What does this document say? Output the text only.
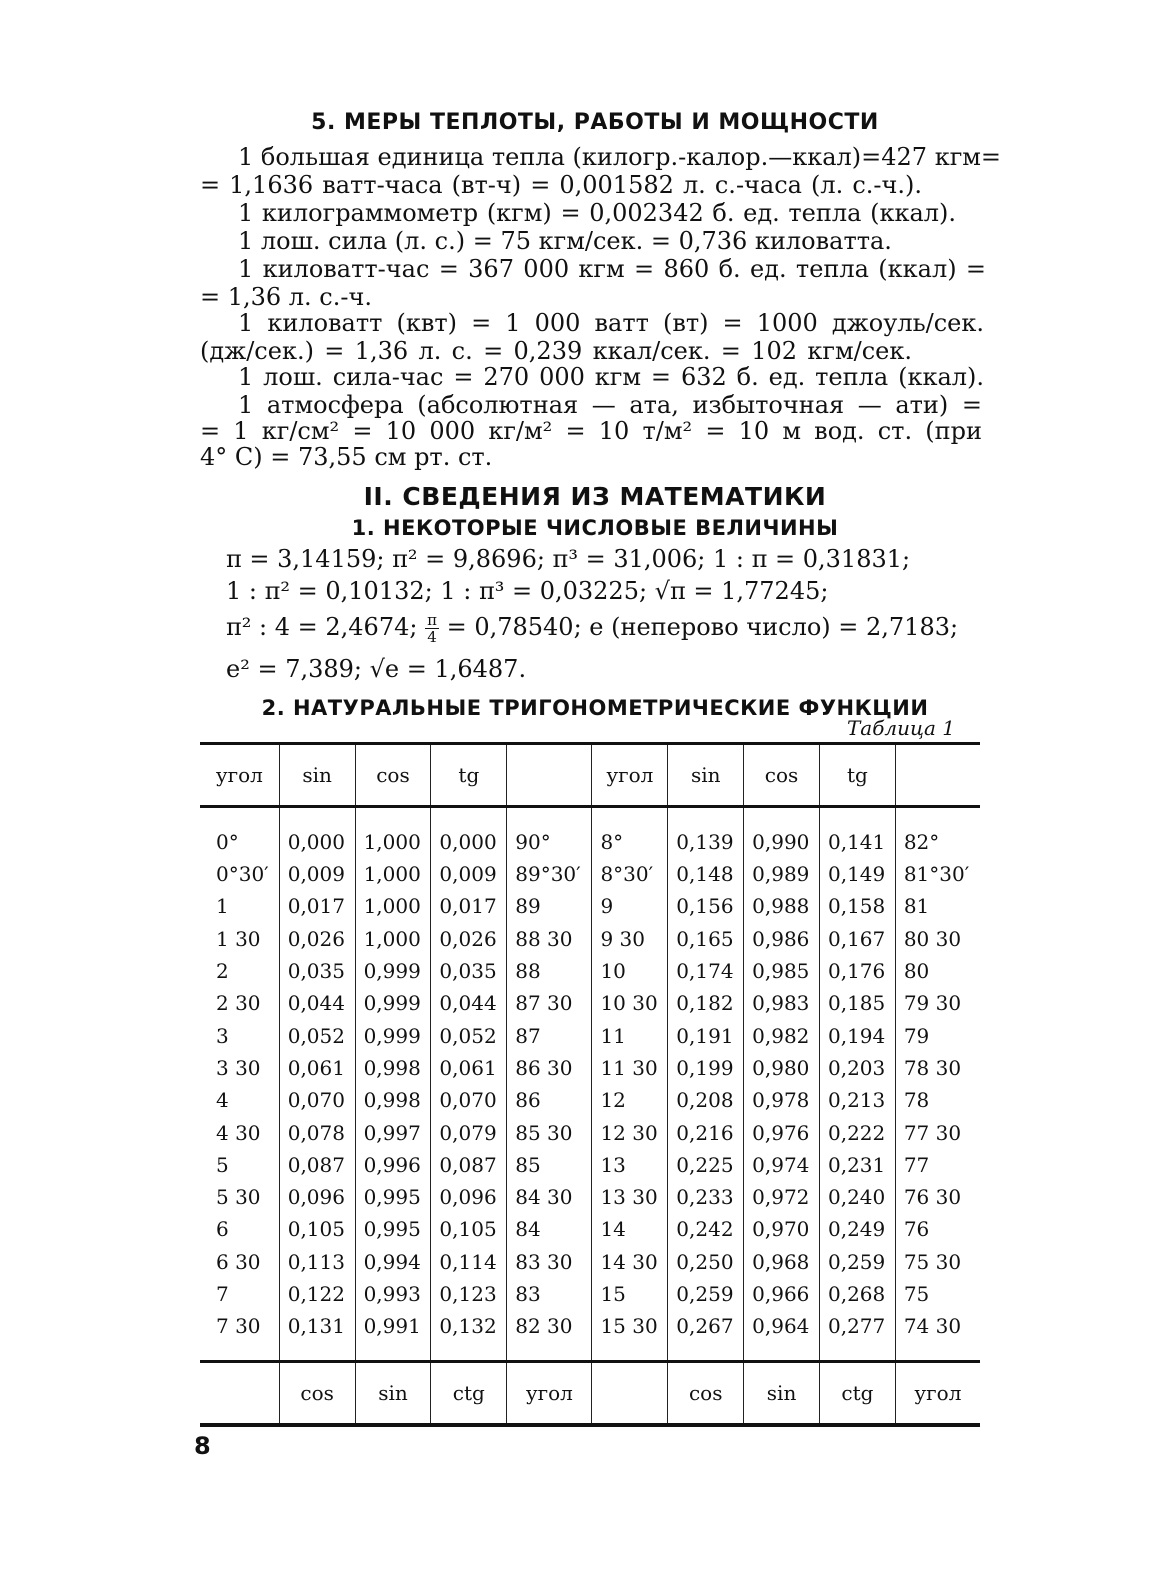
5. МЕРЫ ТЕПЛОТЫ, РАБОТЫ И МОЩНОСТИ
1 большая единица тепла (килогр.-калор.—ккал)=427 кгм=
= 1,1636 ватт-часа (вт-ч) = 0,001582 л. с.-часа (л. с.-ч.).
1 килограммометр (кгм) = 0,002342 б. ед. тепла (ккал).
1 лош. сила (л. с.) = 75 кгм/сек. = 0,736 киловатта.
1 киловатт-час = 367 000 кгм = 860 б. ед. тепла (ккал) =
= 1,36 л. с.-ч.
1 киловатт (квт) = 1 000 ватт (вт) = 1000 джоуль/сек.
(дж/сек.) = 1,36 л. с. = 0,239 ккал/сек. = 102 кгм/сек.
1 лош. сила-час = 270 000 кгм = 632 б. ед. тепла (ккал).
1 атмосфера (абсолютная — ата, избыточная — ати) =
= 1 кг/см² = 10 000 кг/м² = 10 т/м² = 10 м вод. ст. (при
4° С) = 73,55 см рт. ст.
II. СВЕДЕНИЯ ИЗ МАТЕМАТИКИ
1. НЕКОТОРЫЕ ЧИСЛОВЫЕ ВЕЛИЧИНЫ
π = 3,14159; π² = 9,8696; π³ = 31,006; 1 : π = 0,31831;
1 : π² = 0,10132; 1 : π³ = 0,03225; √π = 1,77245;
π² : 4 = 2,4674; $\frac{\pi}{4} = 0,78540$; e (неперово число) = 2,7183;
e² = 7,389; √e = 1,6487.
2. НАТУРАЛЬНЫЕ ТРИГОНОМЕТРИЧЕСКИЕ ФУНКЦИИ
Таблица 1
угол	sin	cos	tg		угол	sin	cos	tg	
0°	0,000	1,000	0,000	90°	8°	0,139	0,990	0,141	82°
0°30′	0,009	1,000	0,009	89°30′	8°30′	0,148	0,989	0,149	81°30′
1	0,017	1,000	0,017	89	9	0,156	0,988	0,158	81
1 30	0,026	1,000	0,026	88 30	9 30	0,165	0,986	0,167	80 30
2	0,035	0,999	0,035	88	10	0,174	0,985	0,176	80
2 30	0,044	0,999	0,044	87 30	10 30	0,182	0,983	0,185	79 30
3	0,052	0,999	0,052	87	11	0,191	0,982	0,194	79
3 30	0,061	0,998	0,061	86 30	11 30	0,199	0,980	0,203	78 30
4	0,070	0,998	0,070	86	12	0,208	0,978	0,213	78
4 30	0,078	0,997	0,079	85 30	12 30	0,216	0,976	0,222	77 30
5	0,087	0,996	0,087	85	13	0,225	0,974	0,231	77
5 30	0,096	0,995	0,096	84 30	13 30	0,233	0,972	0,240	76 30
6	0,105	0,995	0,105	84	14	0,242	0,970	0,249	76
6 30	0,113	0,994	0,114	83 30	14 30	0,250	0,968	0,259	75 30
7	0,122	0,993	0,123	83	15	0,259	0,966	0,268	75
7 30	0,131	0,991	0,132	82 30	15 30	0,267	0,964	0,277	74 30
	cos	sin	ctg	угол		cos	sin	ctg	угол
8
